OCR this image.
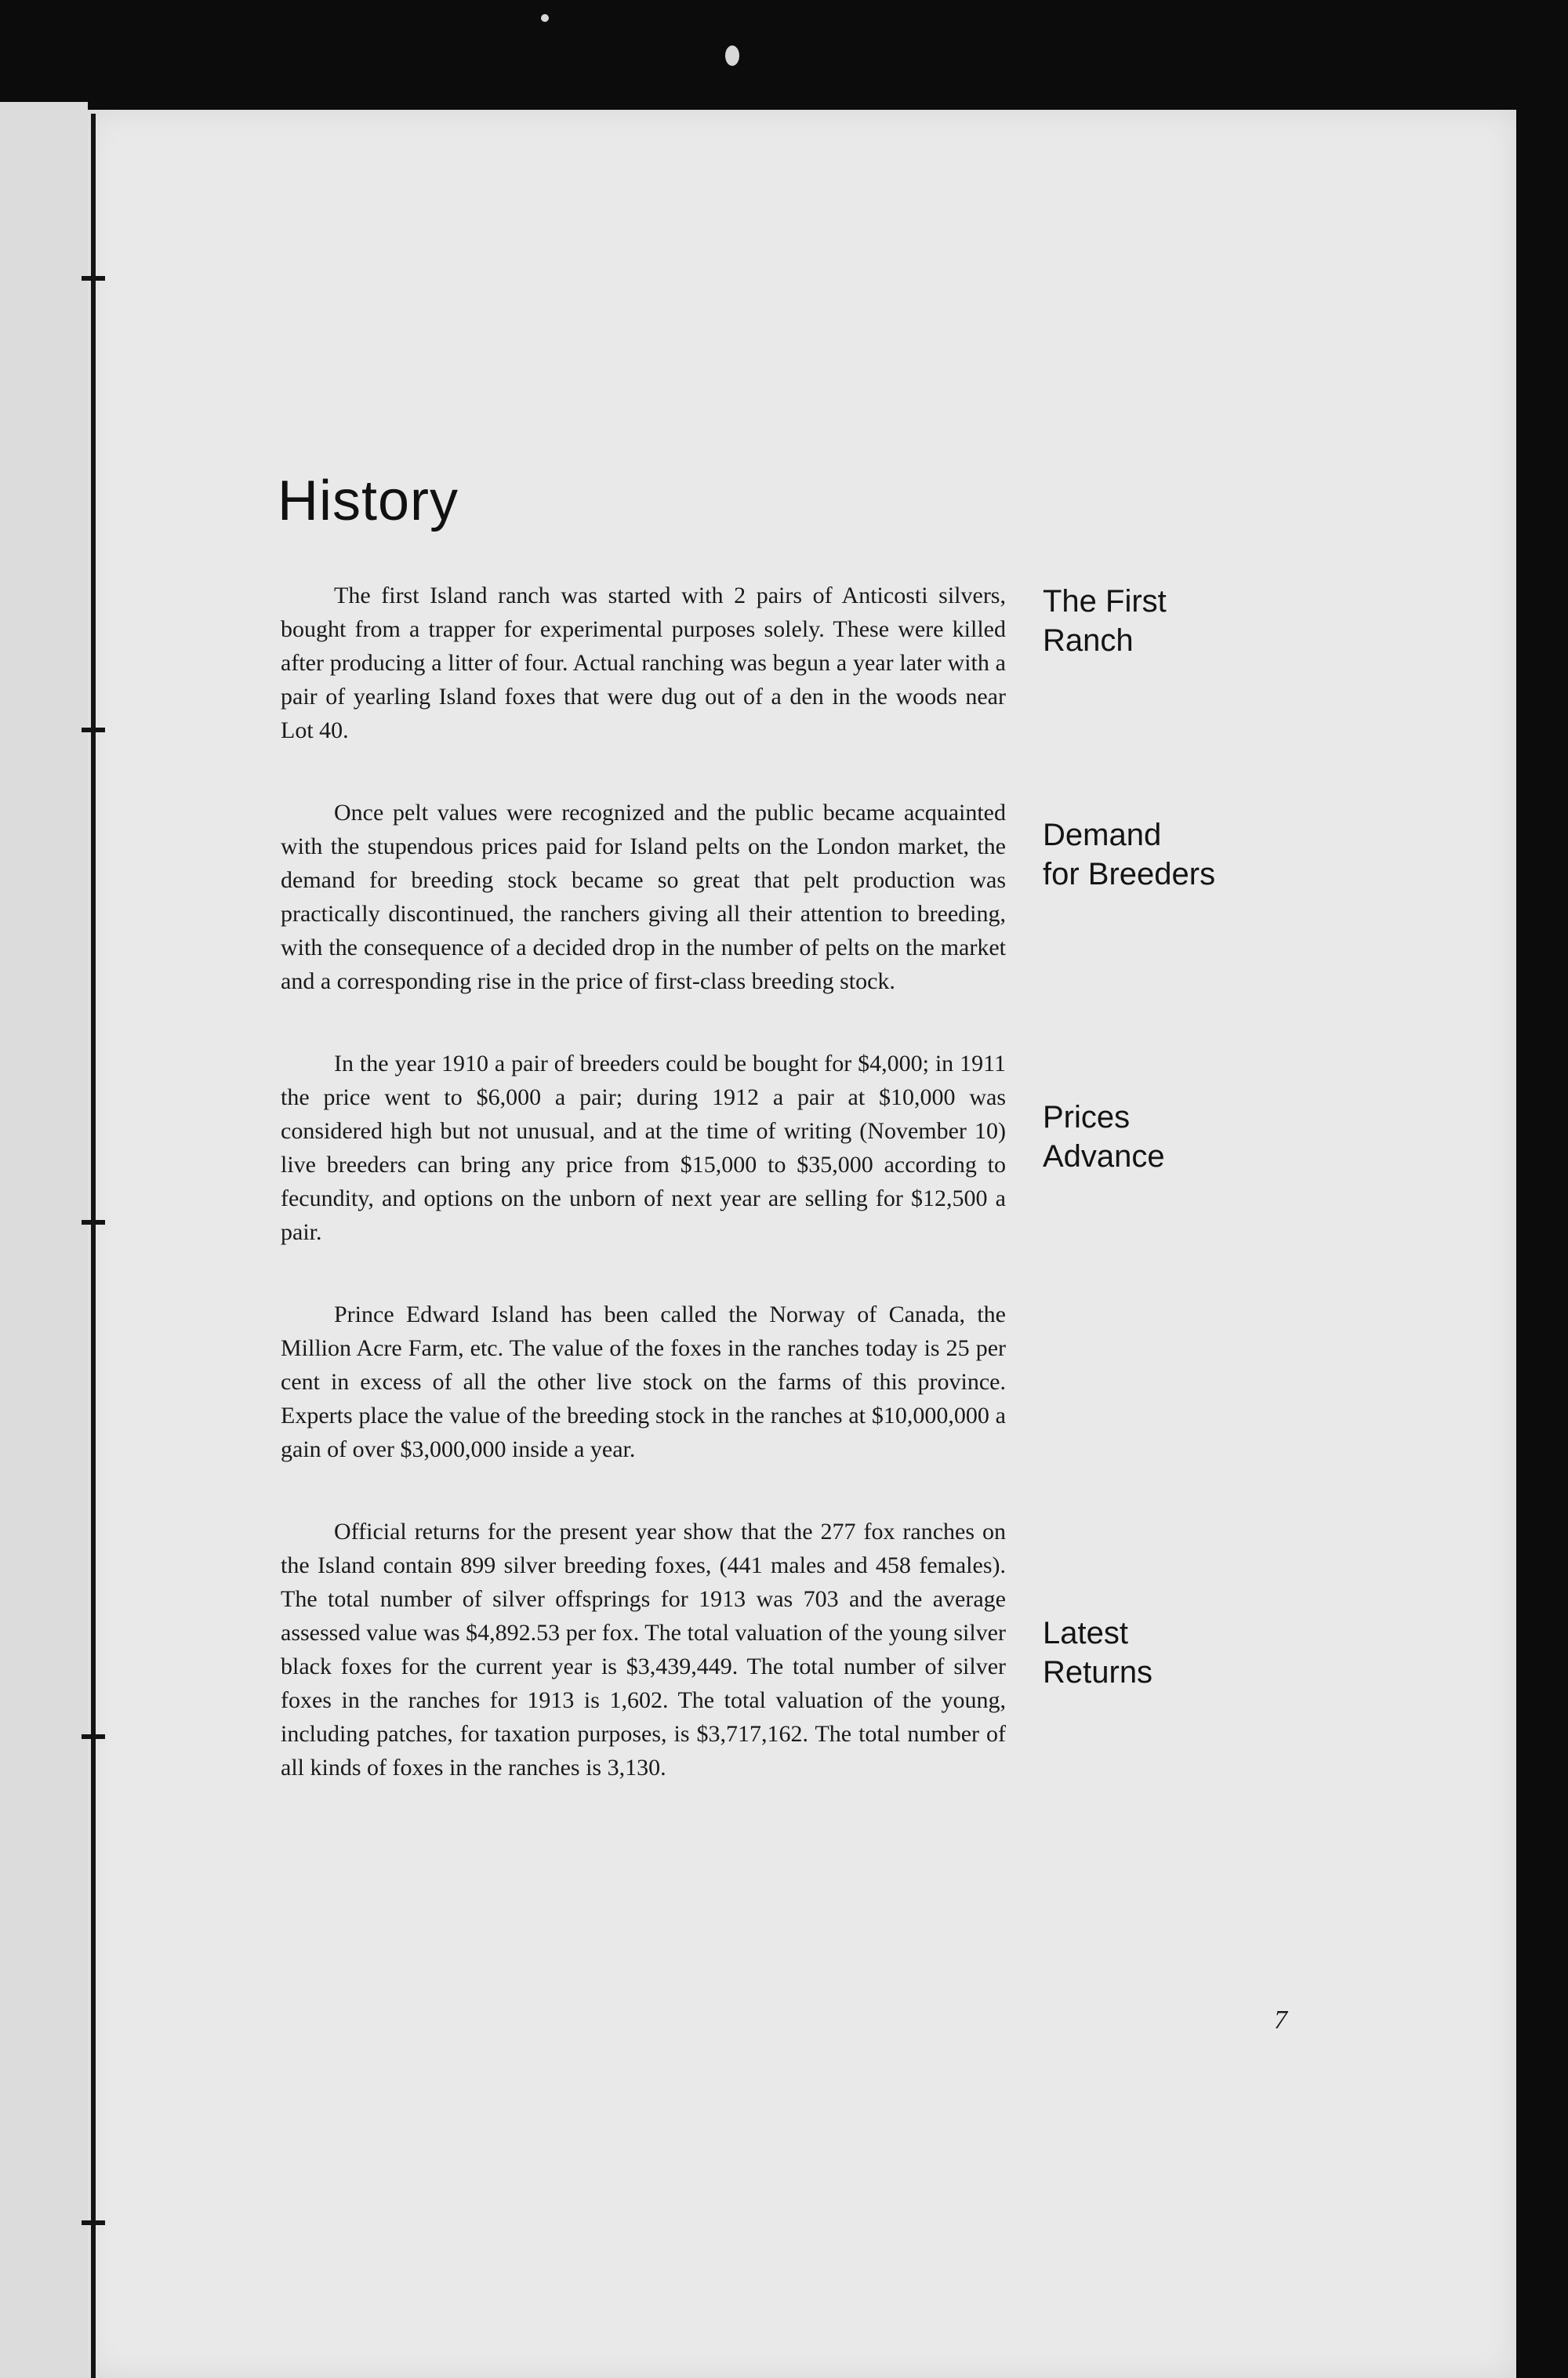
History

The first Island ranch was started with 2 pairs of Anticosti silvers, bought from a trapper for experimental purposes solely. These were killed after producing a litter of four. Actual ranching was begun a year later with a pair of yearling Island foxes that were dug out of a den in the woods near Lot 40.

Once pelt values were recognized and the public became acquainted with the stupendous prices paid for Island pelts on the London market, the demand for breeding stock became so great that pelt production was practically discontinued, the ranchers giving all their attention to breeding, with the consequence of a decided drop in the number of pelts on the market and a corresponding rise in the price of first-class breeding stock.

In the year 1910 a pair of breeders could be bought for $4,000; in 1911 the price went to $6,000 a pair; during 1912 a pair at $10,000 was considered high but not unusual, and at the time of writing (November 10) live breeders can bring any price from $15,000 to $35,000 according to fecundity, and options on the unborn of next year are selling for $12,500 a pair.

Prince Edward Island has been called the Norway of Canada, the Million Acre Farm, etc. The value of the foxes in the ranches today is 25 per cent in excess of all the other live stock on the farms of this province. Experts place the value of the breeding stock in the ranches at $10,000,000 a gain of over $3,000,000 inside a year.

Official returns for the present year show that the 277 fox ranches on the Island contain 899 silver breeding foxes, (441 males and 458 females). The total number of silver offsprings for 1913 was 703 and the average assessed value was $4,892.53 per fox. The total valuation of the young silver black foxes for the current year is $3,439,449. The total number of silver foxes in the ranches for 1913 is 1,602. The total valuation of the young, including patches, for taxation purposes, is $3,717,162. The total number of all kinds of foxes in the ranches is 3,130.

The First
Ranch
Demand
for Breeders
Prices
Advance
Latest
Returns
7
